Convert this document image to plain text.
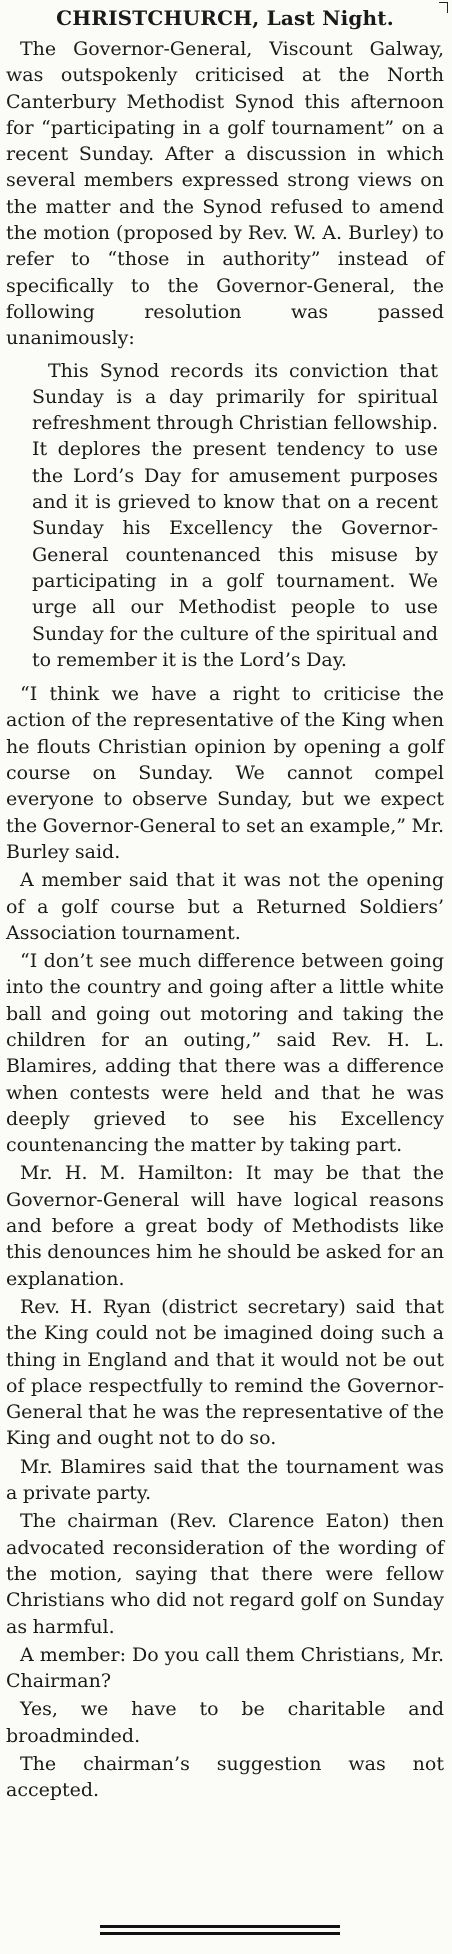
CHRISTCHURCH, Last Night.

The Governor-General, Viscount Galway, was outspokenly criticised at the North Canterbury Methodist Synod this afternoon for “participating in a golf tournament” on a recent Sunday. After a discussion in which several members expressed strong views on the matter and the Synod refused to amend the motion (proposed by Rev. W. A. Burley) to refer to “those in authority” instead of specifically to the Governor-General, the following resolution was passed unanimously:

This Synod records its conviction that Sunday is a day primarily for spiritual refreshment through Christian fellowship. It deplores the present tendency to use the Lord’s Day for amusement purposes and it is grieved to know that on a recent Sunday his Excellency the Governor-General countenanced this misuse by participating in a golf tournament. We urge all our Methodist people to use Sunday for the culture of the spiritual and to remember it is the Lord’s Day.

“I think we have a right to criticise the action of the representative of the King when he flouts Christian opinion by opening a golf course on Sunday. We cannot compel everyone to observe Sunday, but we expect the Governor-General to set an example,” Mr. Burley said.

A member said that it was not the opening of a golf course but a Returned Soldiers’ Association tournament.

“I don’t see much difference between going into the country and going after a little white ball and going out motoring and taking the children for an outing,” said Rev. H. L. Blamires, adding that there was a difference when contests were held and that he was deeply grieved to see his Excellency countenancing the matter by taking part.

Mr. H. M. Hamilton: It may be that the Governor-General will have logical reasons and before a great body of Methodists like this denounces him he should be asked for an explanation.

Rev. H. Ryan (district secretary) said that the King could not be imagined doing such a thing in England and that it would not be out of place respectfully to remind the Governor-General that he was the representative of the King and ought not to do so.

Mr. Blamires said that the tournament was a private party.

The chairman (Rev. Clarence Eaton) then advocated reconsideration of the wording of the motion, saying that there were fellow Christians who did not regard golf on Sunday as harmful.

A member: Do you call them Christians, Mr. Chairman?

Yes, we have to be charitable and broadminded.

The chairman’s suggestion was not accepted.
